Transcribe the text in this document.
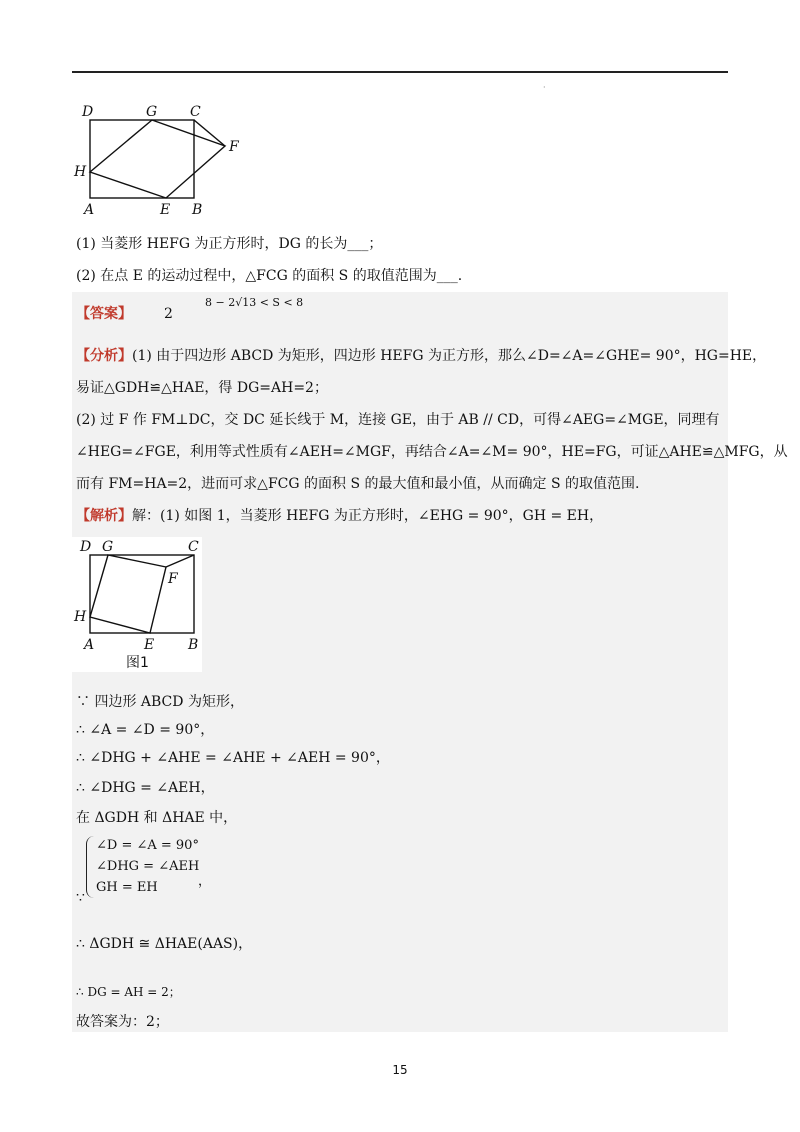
·
D	G C
F
H
A	E B
(1) 当菱形 HEFG 为正方形时，DG 的长为___；
(2) 在点 E 的运动过程中，△FCG 的面积 S 的取值范围为___.
【答案】 2
8 − 2√13 < S < 8
【分析】(1) 由于四边形 ABCD 为矩形，四边形 HEFG 为正方形，那么∠D=∠A=∠GHE= 90°，HG=HE，
易证△GDH≌△HAE，得 DG=AH=2；
(2) 过 F 作 FM⊥DC，交 DC 延长线于 M，连接 GE，由于 AB // CD，可得∠AEG=∠MGE，同理有
∠HEG=∠FGE，利用等式性质有∠AEH=∠MGF，再结合∠A=∠M= 90°，HE=FG，可证△AHE≌△MFG，从
而有 FM=HA=2，进而可求△FCG 的面积 S 的最大值和最小值，从而确定 S 的取值范围.
【解析】解：(1) 如图 1，当菱形 HEFG 为正方形时，∠EHG = 90°，GH = EH，
D G	C
F
H
A	E B
图1
∵ 四边形 ABCD 为矩形，
∴ ∠A = ∠D = 90°，
∴ ∠DHG + ∠AHE = ∠AHE + ∠AEH = 90°，
∴ ∠DHG = ∠AEH，
在 ΔGDH 和 ΔHAE 中，
∠D = ∠A = 90°
∠DHG = ∠AEH
GH = EH	，
∵
∴ ΔGDH ≅ ΔHAE(AAS)，
∴ DG = AH = 2；
故答案为：2；
15
